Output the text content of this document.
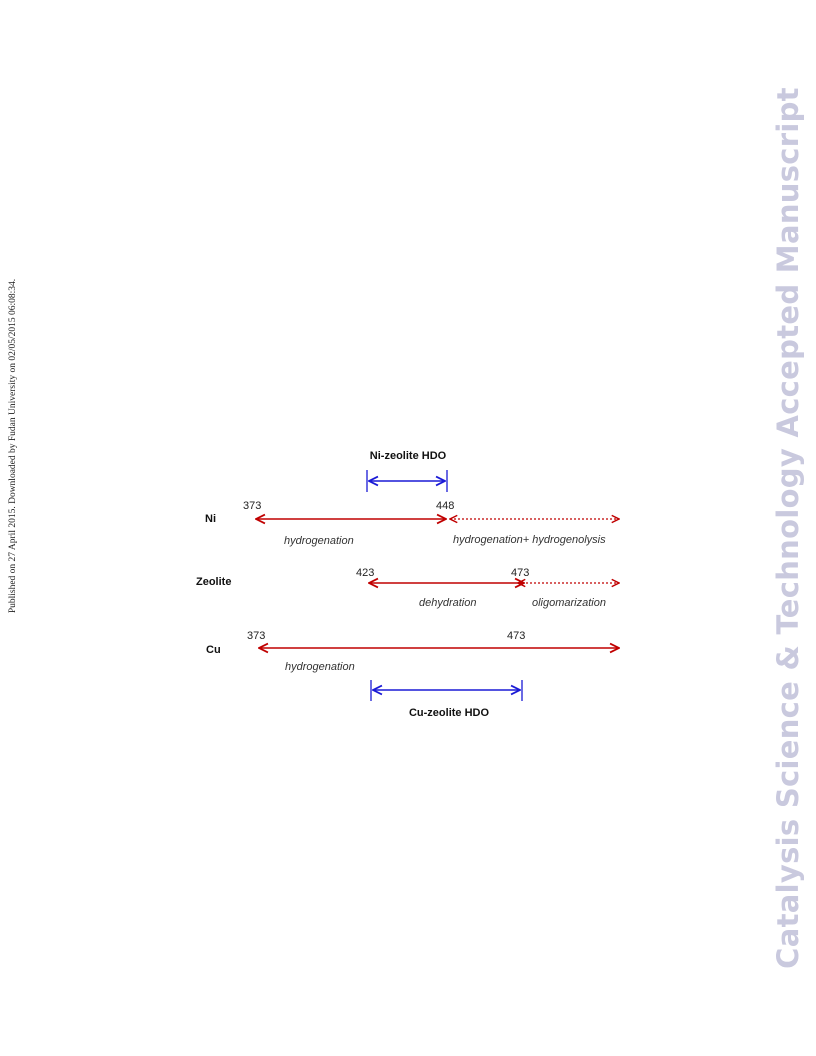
Published on 27 April 2015. Downloaded by Fudan University on 02/05/2015 06:08:34.	Catalysis Science & Technology Accepted Manuscript
Ni-zeolite HDO
Ni
373	448
hydrogenation	hydrogenation+ hydrogenolysis
Zeolite
423	473
dehydration	oligomarization
Cu
373	473
hydrogenation
Cu-zeolite HDO
